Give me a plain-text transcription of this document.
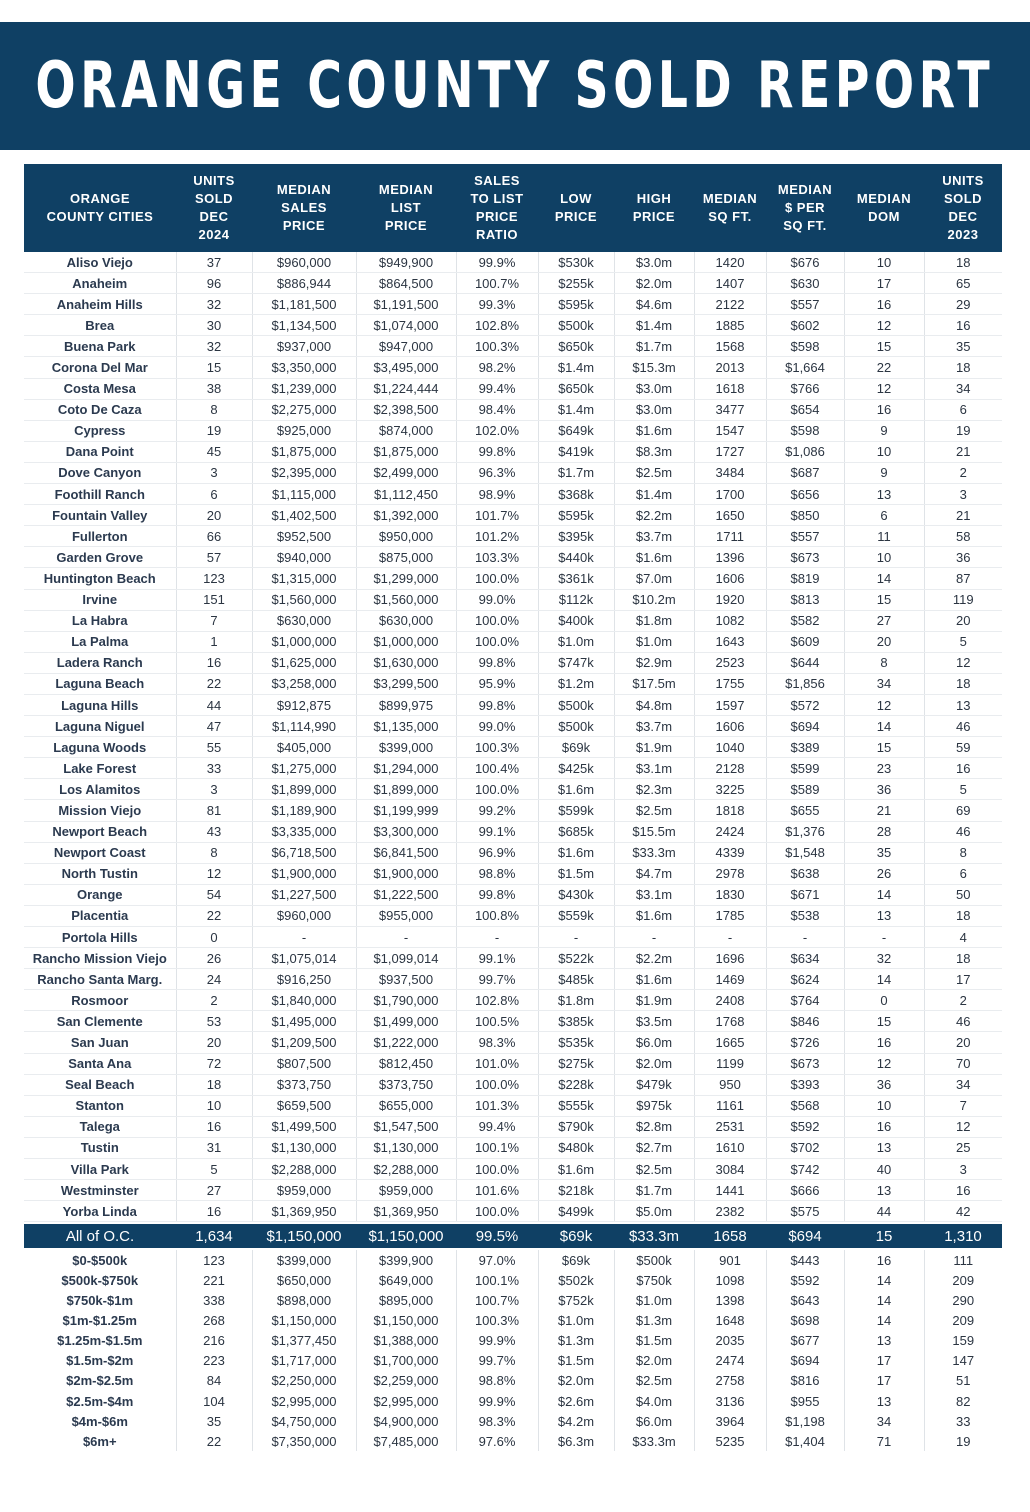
ORANGE COUNTY SOLD REPORT
ORANGE
COUNTY CITIES	UNITS
SOLD
DEC
2024	MEDIAN
SALES
PRICE	MEDIAN
LIST
PRICE	SALES
TO LIST
PRICE
RATIO	LOW
PRICE	HIGH
PRICE	MEDIAN
SQ FT.	MEDIAN
$ PER
SQ FT.	MEDIAN
DOM	UNITS
SOLD
DEC
2023
Aliso Viejo	37	$960,000	$949,900	99.9%	$530k	$3.0m	1420	$676	10	18
Anaheim	96	$886,944	$864,500	100.7%	$255k	$2.0m	1407	$630	17	65
Anaheim Hills	32	$1,181,500	$1,191,500	99.3%	$595k	$4.6m	2122	$557	16	29
Brea	30	$1,134,500	$1,074,000	102.8%	$500k	$1.4m	1885	$602	12	16
Buena Park	32	$937,000	$947,000	100.3%	$650k	$1.7m	1568	$598	15	35
Corona Del Mar	15	$3,350,000	$3,495,000	98.2%	$1.4m	$15.3m	2013	$1,664	22	18
Costa Mesa	38	$1,239,000	$1,224,444	99.4%	$650k	$3.0m	1618	$766	12	34
Coto De Caza	8	$2,275,000	$2,398,500	98.4%	$1.4m	$3.0m	3477	$654	16	6
Cypress	19	$925,000	$874,000	102.0%	$649k	$1.6m	1547	$598	9	19
Dana Point	45	$1,875,000	$1,875,000	99.8%	$419k	$8.3m	1727	$1,086	10	21
Dove Canyon	3	$2,395,000	$2,499,000	96.3%	$1.7m	$2.5m	3484	$687	9	2
Foothill Ranch	6	$1,115,000	$1,112,450	98.9%	$368k	$1.4m	1700	$656	13	3
Fountain Valley	20	$1,402,500	$1,392,000	101.7%	$595k	$2.2m	1650	$850	6	21
Fullerton	66	$952,500	$950,000	101.2%	$395k	$3.7m	1711	$557	11	58
Garden Grove	57	$940,000	$875,000	103.3%	$440k	$1.6m	1396	$673	10	36
Huntington Beach	123	$1,315,000	$1,299,000	100.0%	$361k	$7.0m	1606	$819	14	87
Irvine	151	$1,560,000	$1,560,000	99.0%	$112k	$10.2m	1920	$813	15	119
La Habra	7	$630,000	$630,000	100.0%	$400k	$1.8m	1082	$582	27	20
La Palma	1	$1,000,000	$1,000,000	100.0%	$1.0m	$1.0m	1643	$609	20	5
Ladera Ranch	16	$1,625,000	$1,630,000	99.8%	$747k	$2.9m	2523	$644	8	12
Laguna Beach	22	$3,258,000	$3,299,500	95.9%	$1.2m	$17.5m	1755	$1,856	34	18
Laguna Hills	44	$912,875	$899,975	99.8%	$500k	$4.8m	1597	$572	12	13
Laguna Niguel	47	$1,114,990	$1,135,000	99.0%	$500k	$3.7m	1606	$694	14	46
Laguna Woods	55	$405,000	$399,000	100.3%	$69k	$1.9m	1040	$389	15	59
Lake Forest	33	$1,275,000	$1,294,000	100.4%	$425k	$3.1m	2128	$599	23	16
Los Alamitos	3	$1,899,000	$1,899,000	100.0%	$1.6m	$2.3m	3225	$589	36	5
Mission Viejo	81	$1,189,900	$1,199,999	99.2%	$599k	$2.5m	1818	$655	21	69
Newport Beach	43	$3,335,000	$3,300,000	99.1%	$685k	$15.5m	2424	$1,376	28	46
Newport Coast	8	$6,718,500	$6,841,500	96.9%	$1.6m	$33.3m	4339	$1,548	35	8
North Tustin	12	$1,900,000	$1,900,000	98.8%	$1.5m	$4.7m	2978	$638	26	6
Orange	54	$1,227,500	$1,222,500	99.8%	$430k	$3.1m	1830	$671	14	50
Placentia	22	$960,000	$955,000	100.8%	$559k	$1.6m	1785	$538	13	18
Portola Hills	0	-	-	-	-	-	-	-	-	4
Rancho Mission Viejo	26	$1,075,014	$1,099,014	99.1%	$522k	$2.2m	1696	$634	32	18
Rancho Santa Marg.	24	$916,250	$937,500	99.7%	$485k	$1.6m	1469	$624	14	17
Rosmoor	2	$1,840,000	$1,790,000	102.8%	$1.8m	$1.9m	2408	$764	0	2
San Clemente	53	$1,495,000	$1,499,000	100.5%	$385k	$3.5m	1768	$846	15	46
San Juan	20	$1,209,500	$1,222,000	98.3%	$535k	$6.0m	1665	$726	16	20
Santa Ana	72	$807,500	$812,450	101.0%	$275k	$2.0m	1199	$673	12	70
Seal Beach	18	$373,750	$373,750	100.0%	$228k	$479k	950	$393	36	34
Stanton	10	$659,500	$655,000	101.3%	$555k	$975k	1161	$568	10	7
Talega	16	$1,499,500	$1,547,500	99.4%	$790k	$2.8m	2531	$592	16	12
Tustin	31	$1,130,000	$1,130,000	100.1%	$480k	$2.7m	1610	$702	13	25
Villa Park	5	$2,288,000	$2,288,000	100.0%	$1.6m	$2.5m	3084	$742	40	3
Westminster	27	$959,000	$959,000	101.6%	$218k	$1.7m	1441	$666	13	16
Yorba Linda	16	$1,369,950	$1,369,950	100.0%	$499k	$5.0m	2382	$575	44	42

All of O.C.	1,634	$1,150,000	$1,150,000	99.5%	$69k	$33.3m	1658	$694	15	1,310

$0-$500k	123	$399,000	$399,900	97.0%	$69k	$500k	901	$443	16	111
$500k-$750k	221	$650,000	$649,000	100.1%	$502k	$750k	1098	$592	14	209
$750k-$1m	338	$898,000	$895,000	100.7%	$752k	$1.0m	1398	$643	14	290
$1m-$1.25m	268	$1,150,000	$1,150,000	100.3%	$1.0m	$1.3m	1648	$698	14	209
$1.25m-$1.5m	216	$1,377,450	$1,388,000	99.9%	$1.3m	$1.5m	2035	$677	13	159
$1.5m-$2m	223	$1,717,000	$1,700,000	99.7%	$1.5m	$2.0m	2474	$694	17	147
$2m-$2.5m	84	$2,250,000	$2,259,000	98.8%	$2.0m	$2.5m	2758	$816	17	51
$2.5m-$4m	104	$2,995,000	$2,995,000	99.9%	$2.6m	$4.0m	3136	$955	13	82
$4m-$6m	35	$4,750,000	$4,900,000	98.3%	$4.2m	$6.0m	3964	$1,198	34	33
$6m+	22	$7,350,000	$7,485,000	97.6%	$6.3m	$33.3m	5235	$1,404	71	19
